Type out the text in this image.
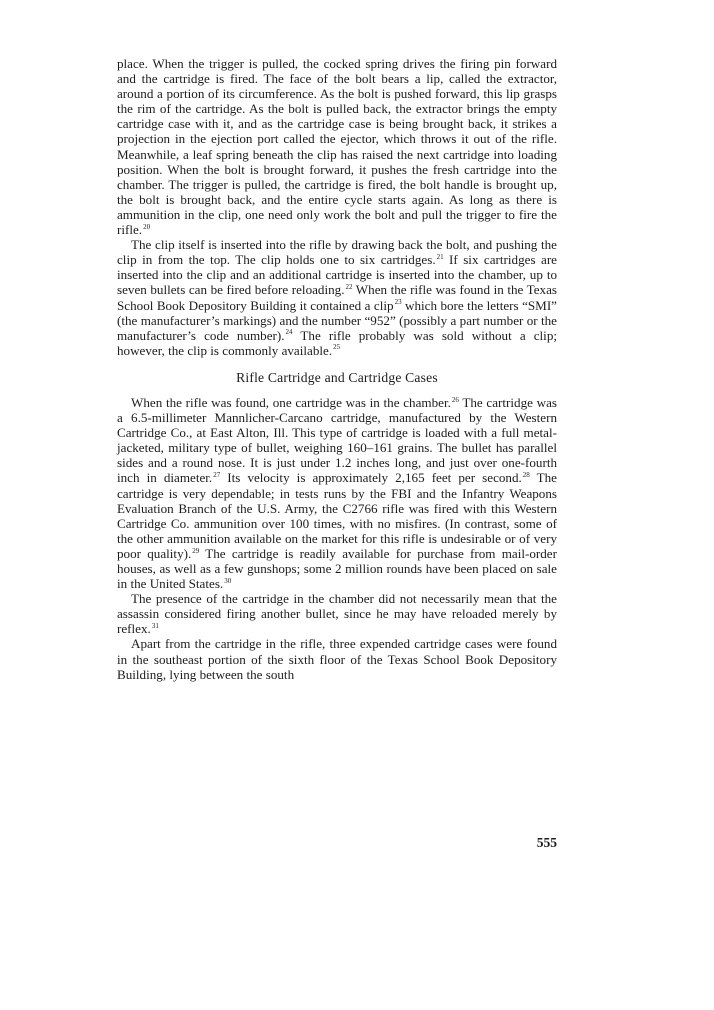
place. When the trigger is pulled, the cocked spring drives the firing pin forward and the cartridge is fired. The face of the bolt bears a lip, called the extractor, around a portion of its circumference. As the bolt is pushed forward, this lip grasps the rim of the cartridge. As the bolt is pulled back, the extractor brings the empty cartridge case with it, and as the cartridge case is being brought back, it strikes a projection in the ejection port called the ejector, which throws it out of the rifle. Meanwhile, a leaf spring beneath the clip has raised the next cartridge into loading position. When the bolt is brought forward, it pushes the fresh cartridge into the chamber. The trigger is pulled, the cartridge is fired, the bolt handle is brought up, the bolt is brought back, and the entire cycle starts again. As long as there is ammunition in the clip, one need only work the bolt and pull the trigger to fire the rifle.$^{20}$

The clip itself is inserted into the rifle by drawing back the bolt, and pushing the clip in from the top. The clip holds one to six cartridges.$^{21}$ If six cartridges are inserted into the clip and an additional cartridge is inserted into the chamber, up to seven bullets can be fired before reloading.$^{22}$ When the rifle was found in the Texas School Book Depository Building it contained a clip$^{23}$ which bore the letters “SMI” (the manufacturer’s markings) and the number “952” (possibly a part number or the manufacturer’s code number).$^{24}$ The rifle probably was sold without a clip; however, the clip is commonly available.$^{25}$

Rifle Cartridge and Cartridge Cases

When the rifle was found, one cartridge was in the chamber.$^{26}$ The cartridge was a 6.5-millimeter Mannlicher-Carcano cartridge, manufactured by the Western Cartridge Co., at East Alton, Ill. This type of cartridge is loaded with a full metal-jacketed, military type of bullet, weighing 160–161 grains. The bullet has parallel sides and a round nose. It is just under 1.2 inches long, and just over one-fourth inch in diameter.$^{27}$ Its velocity is approximately 2,165 feet per second.$^{28}$ The cartridge is very dependable; in tests runs by the FBI and the Infantry Weapons Evaluation Branch of the U.S. Army, the C2766 rifle was fired with this Western Cartridge Co. ammunition over 100 times, with no misfires. (In contrast, some of the other ammunition available on the market for this rifle is undesirable or of very poor quality).$^{29}$ The cartridge is readily available for purchase from mail-order houses, as well as a few gunshops; some 2 million rounds have been placed on sale in the United States.$^{30}$

The presence of the cartridge in the chamber did not necessarily mean that the assassin considered firing another bullet, since he may have reloaded merely by reflex.$^{31}$

Apart from the cartridge in the rifle, three expended cartridge cases were found in the southeast portion of the sixth floor of the Texas School Book Depository Building, lying between the south

555
